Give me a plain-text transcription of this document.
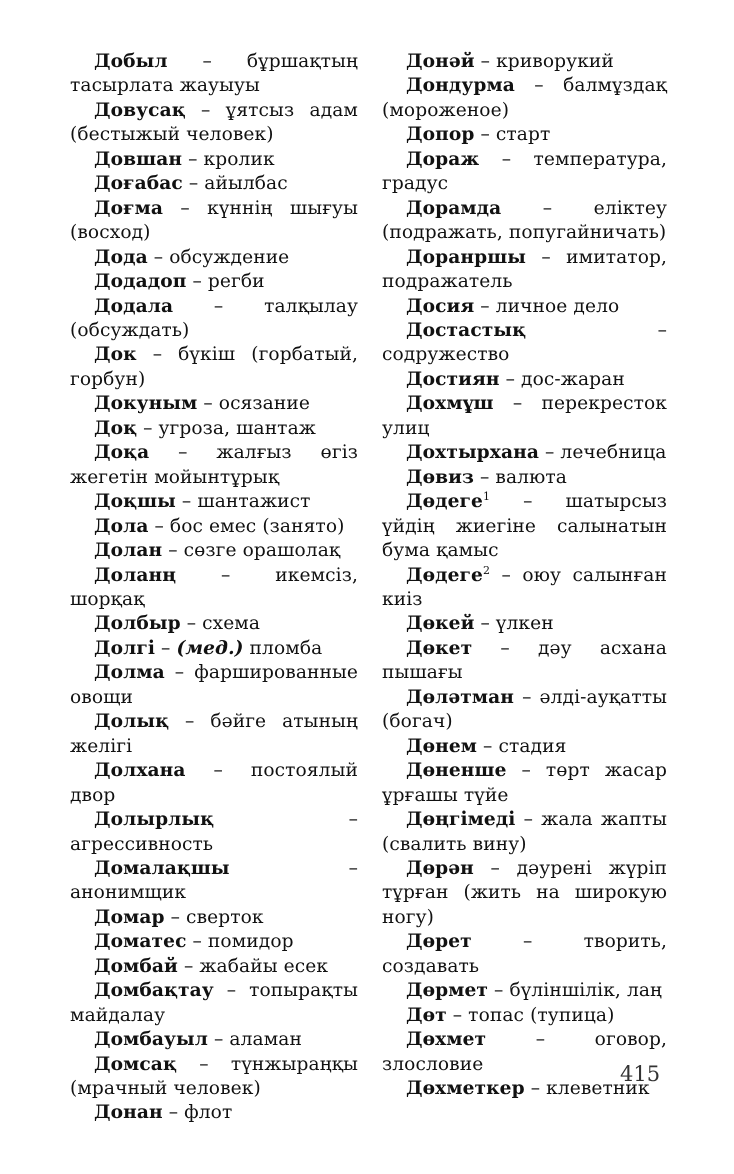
Добыл – бұршақтың тасырлата жауыуы

Довусақ – ұятсыз адам (бестыжый человек)

Довшан – кролик

Доғабас – айылбас

Доғма – күннің шығуы (восход)

Дода – обсуждение

Додадоп – регби

Додала – талқылау (обсуждать)

Док – бүкіш (горбатый, горбун)

Докуным – осязание

Доқ – угроза, шантаж

Доқа – жалғыз өгіз жегетін мойынтұрық

Доқшы – шантажист

Дола – бос емес (занято)

Долан – сөзге орашолақ

Доланң – икемсіз, шорқақ

Долбыр – схема

Долгі – (мед.) пломба

Долма – фаршированные овощи

Долық – бәйге атының желігі

Долхана – постоялый двор

Долырлық – агрессивность

Домалақшы – анонимщик

Домар – сверток

Доматес – помидор

Домбай – жабайы есек

Домбақтау – топырақты майдалау

Домбауыл – аламан

Домсақ – түнжыраңқы (мрачный человек)

Донан – флот

Донәй – криворукий

Дондурма – балмұздақ (мороженое)

Допор – старт

Дораж – температура, градус

Дорамда – еліктеу (подражать, попугайничать)

Доранршы – имитатор, подражатель

Досия – личное дело

Достастық – содружество

Достиян – дос-жаран

Дохмұш – перекресток улиц

Дохтырхана – лечебница

Дөвиз – валюта

Дөдеге$^1$ – шатырсыз үйдің жиегіне салынатын бума қамыс

Дөдеге$^2$ – оюу салынған киіз

Дөкей – үлкен

Дөкет – дәу асхана пышағы

Дөләтман – әлді-ауқатты (богач)

Дөнем – стадия

Дөненше – төрт жасар ұрғашы түйе

Дөңгімеді – жала жапты (свалить вину)

Дөрән – дәурені жүріп тұрған (жить на широкую ногу)

Дөрет – творить, создавать

Дөрмет – бүліншілік, лаң

Дөт – топас (тупица)

Дөхмет – оговор, злословие

Дөхметкер – клеветник

415
